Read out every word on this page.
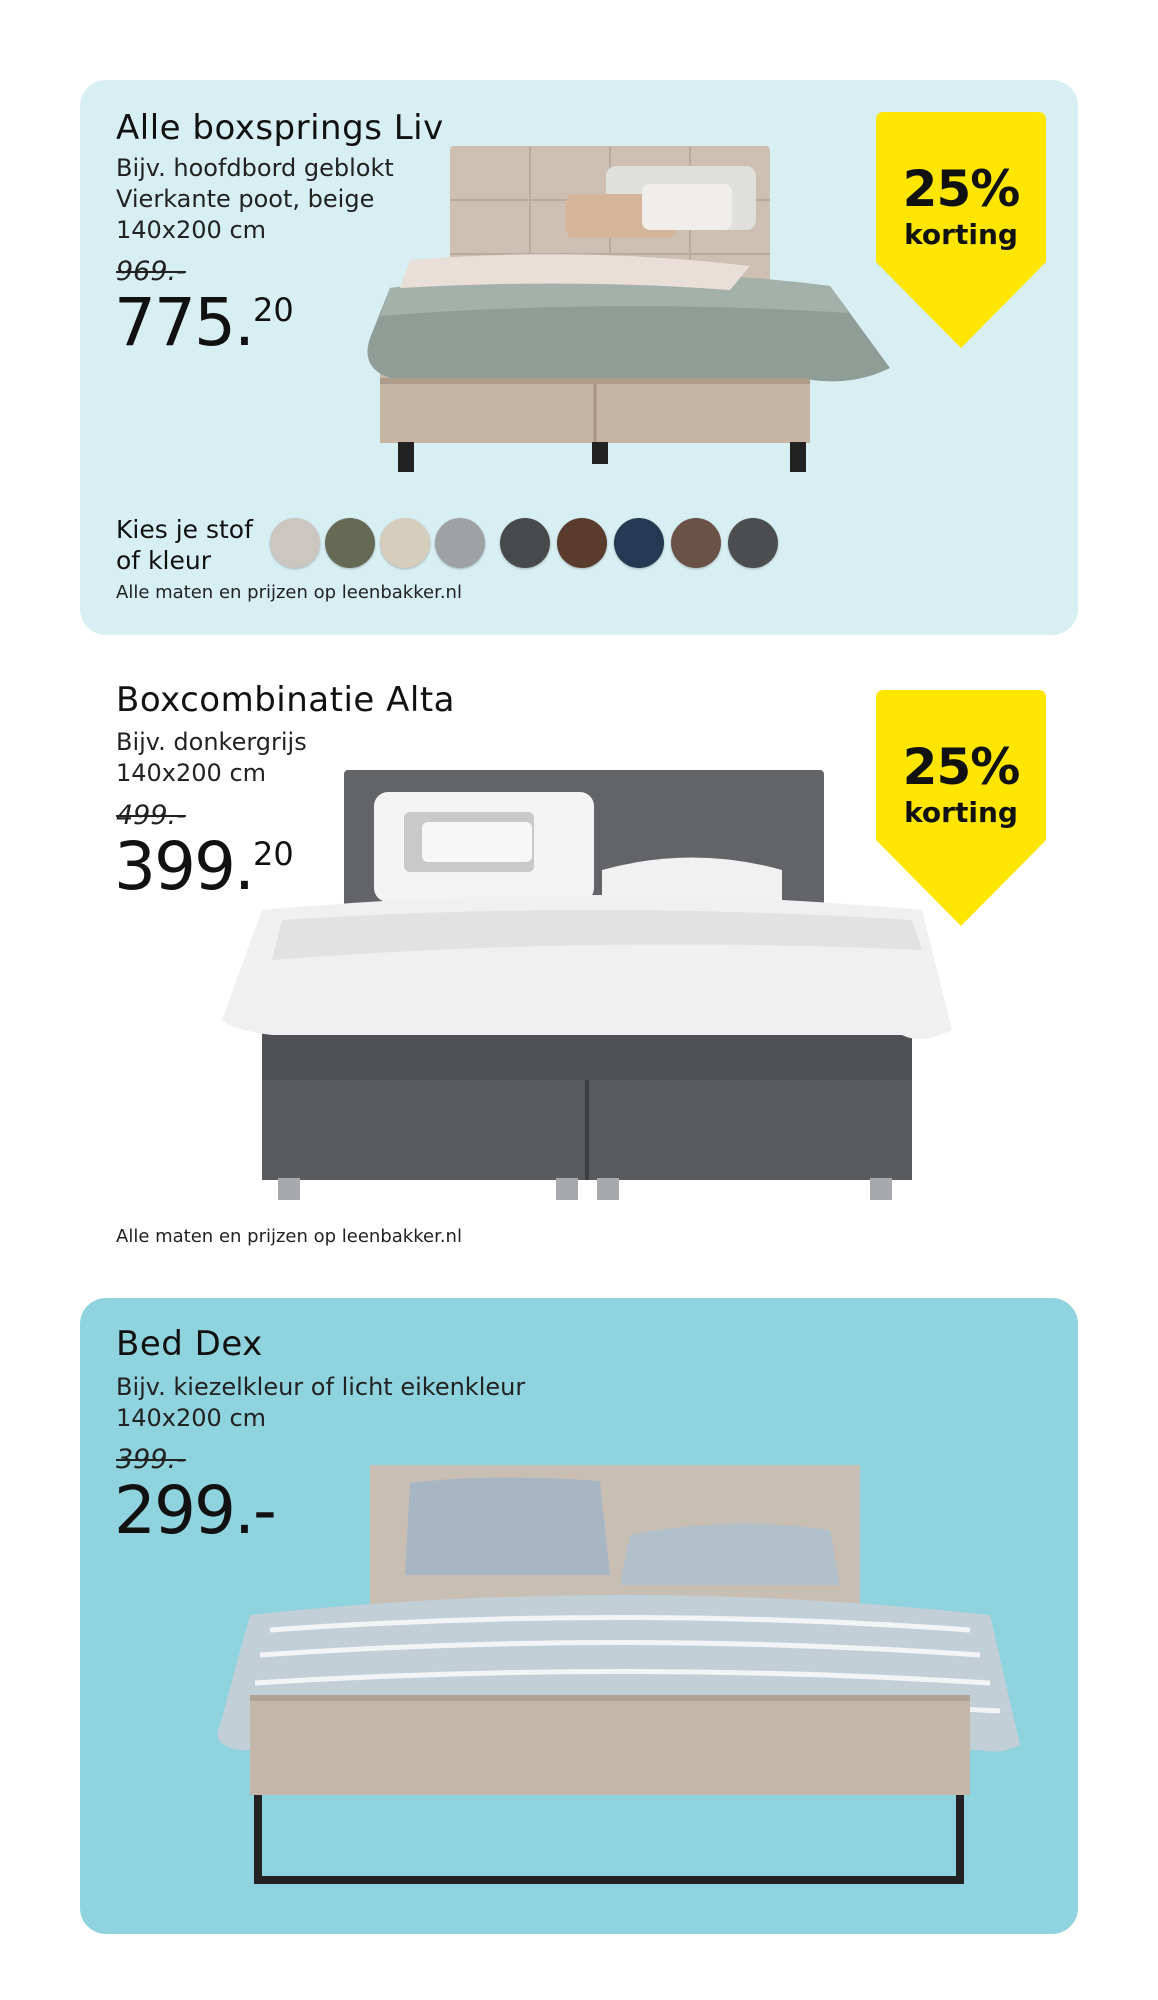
Alle boxsprings Liv
Bijv. hoofdbord geblokt
Vierkante poot, beige
140x200 cm
969.-
775.20
25%
korting
Kies je stof
of kleur
Alle maten en prijzen op leenbakker.nl
Boxcombinatie Alta
Bijv. donkergrijs
140x200 cm
499.-
399.20
25%
korting
Alle maten en prijzen op leenbakker.nl
Bed Dex
Bijv. kiezelkleur of licht eikenkleur
140x200 cm
399.-
299.-
